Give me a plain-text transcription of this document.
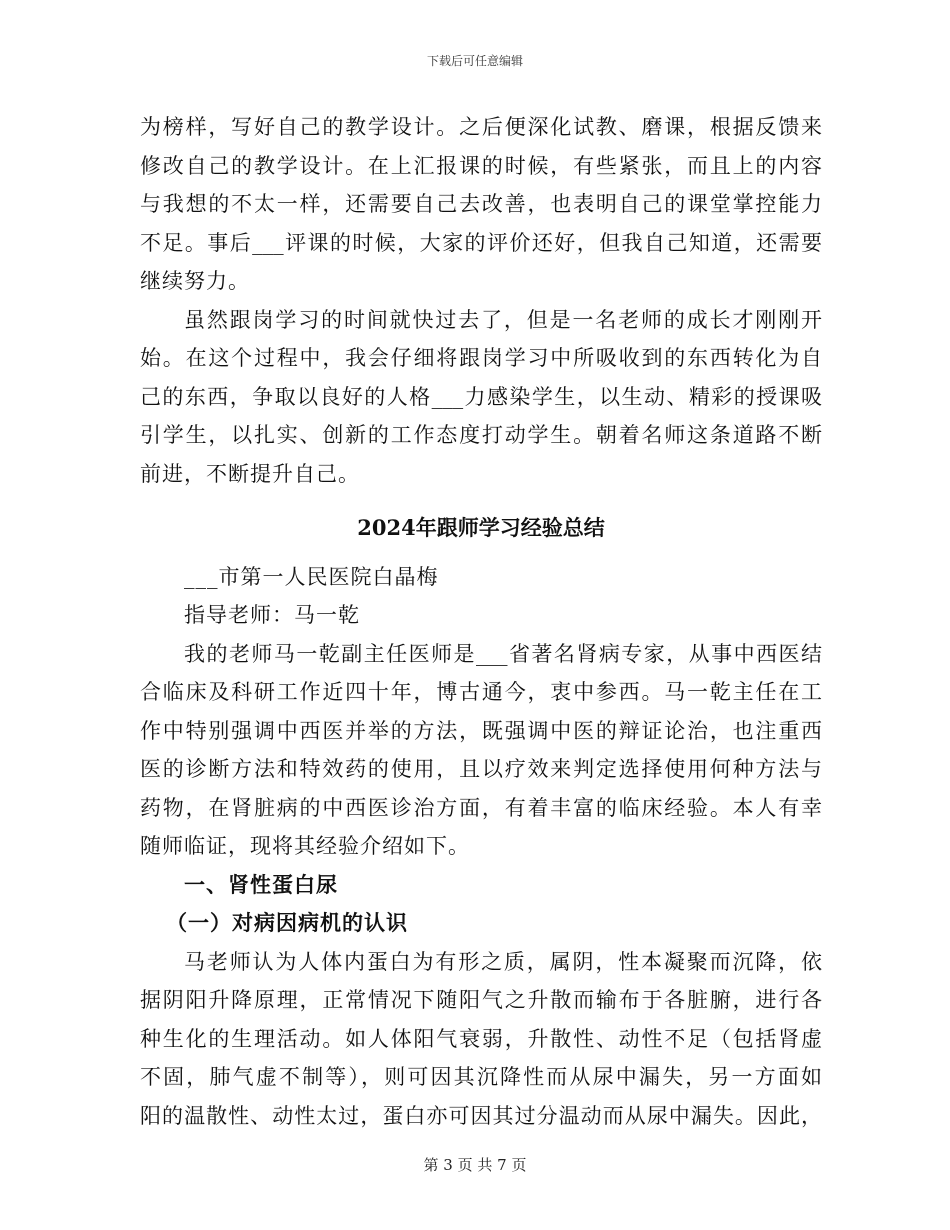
下载后可任意编辑
为榜样，写好自己的教学设计。之后便深化试教、磨课，根据反馈来
修改自己的教学设计。在上汇报课的时候，有些紧张，而且上的内容
与我想的不太一样，还需要自己去改善，也表明自己的课堂掌控能力
不足。事后___评课的时候，大家的评价还好，但我自己知道，还需要
继续努力。
虽然跟岗学习的时间就快过去了，但是一名老师的成长才刚刚开
始。在这个过程中，我会仔细将跟岗学习中所吸收到的东西转化为自
己的东西，争取以良好的人格___力感染学生，以生动、精彩的授课吸
引学生，以扎实、创新的工作态度打动学生。朝着名师这条道路不断
前进，不断提升自己。
2024年跟师学习经验总结
___市第一人民医院白晶梅
指导老师：马一乾
我的老师马一乾副主任医师是___省著名肾病专家，从事中西医结
合临床及科研工作近四十年，博古通今，衷中参西。马一乾主任在工
作中特别强调中西医并举的方法，既强调中医的辩证论治，也注重西
医的诊断方法和特效药的使用，且以疗效来判定选择使用何种方法与
药物，在肾脏病的中西医诊治方面，有着丰富的临床经验。本人有幸
随师临证，现将其经验介绍如下。
一、肾性蛋白尿
（一）对病因病机的认识
马老师认为人体内蛋白为有形之质，属阴，性本凝聚而沉降，依
据阴阳升降原理，正常情况下随阳气之升散而输布于各脏腑，进行各
种生化的生理活动。如人体阳气衰弱，升散性、动性不足（包括肾虚
不固，肺气虚不制等），则可因其沉降性而从尿中漏失，另一方面如
阳的温散性、动性太过，蛋白亦可因其过分温动而从尿中漏失。因此，
第 3 页 共 7 页
